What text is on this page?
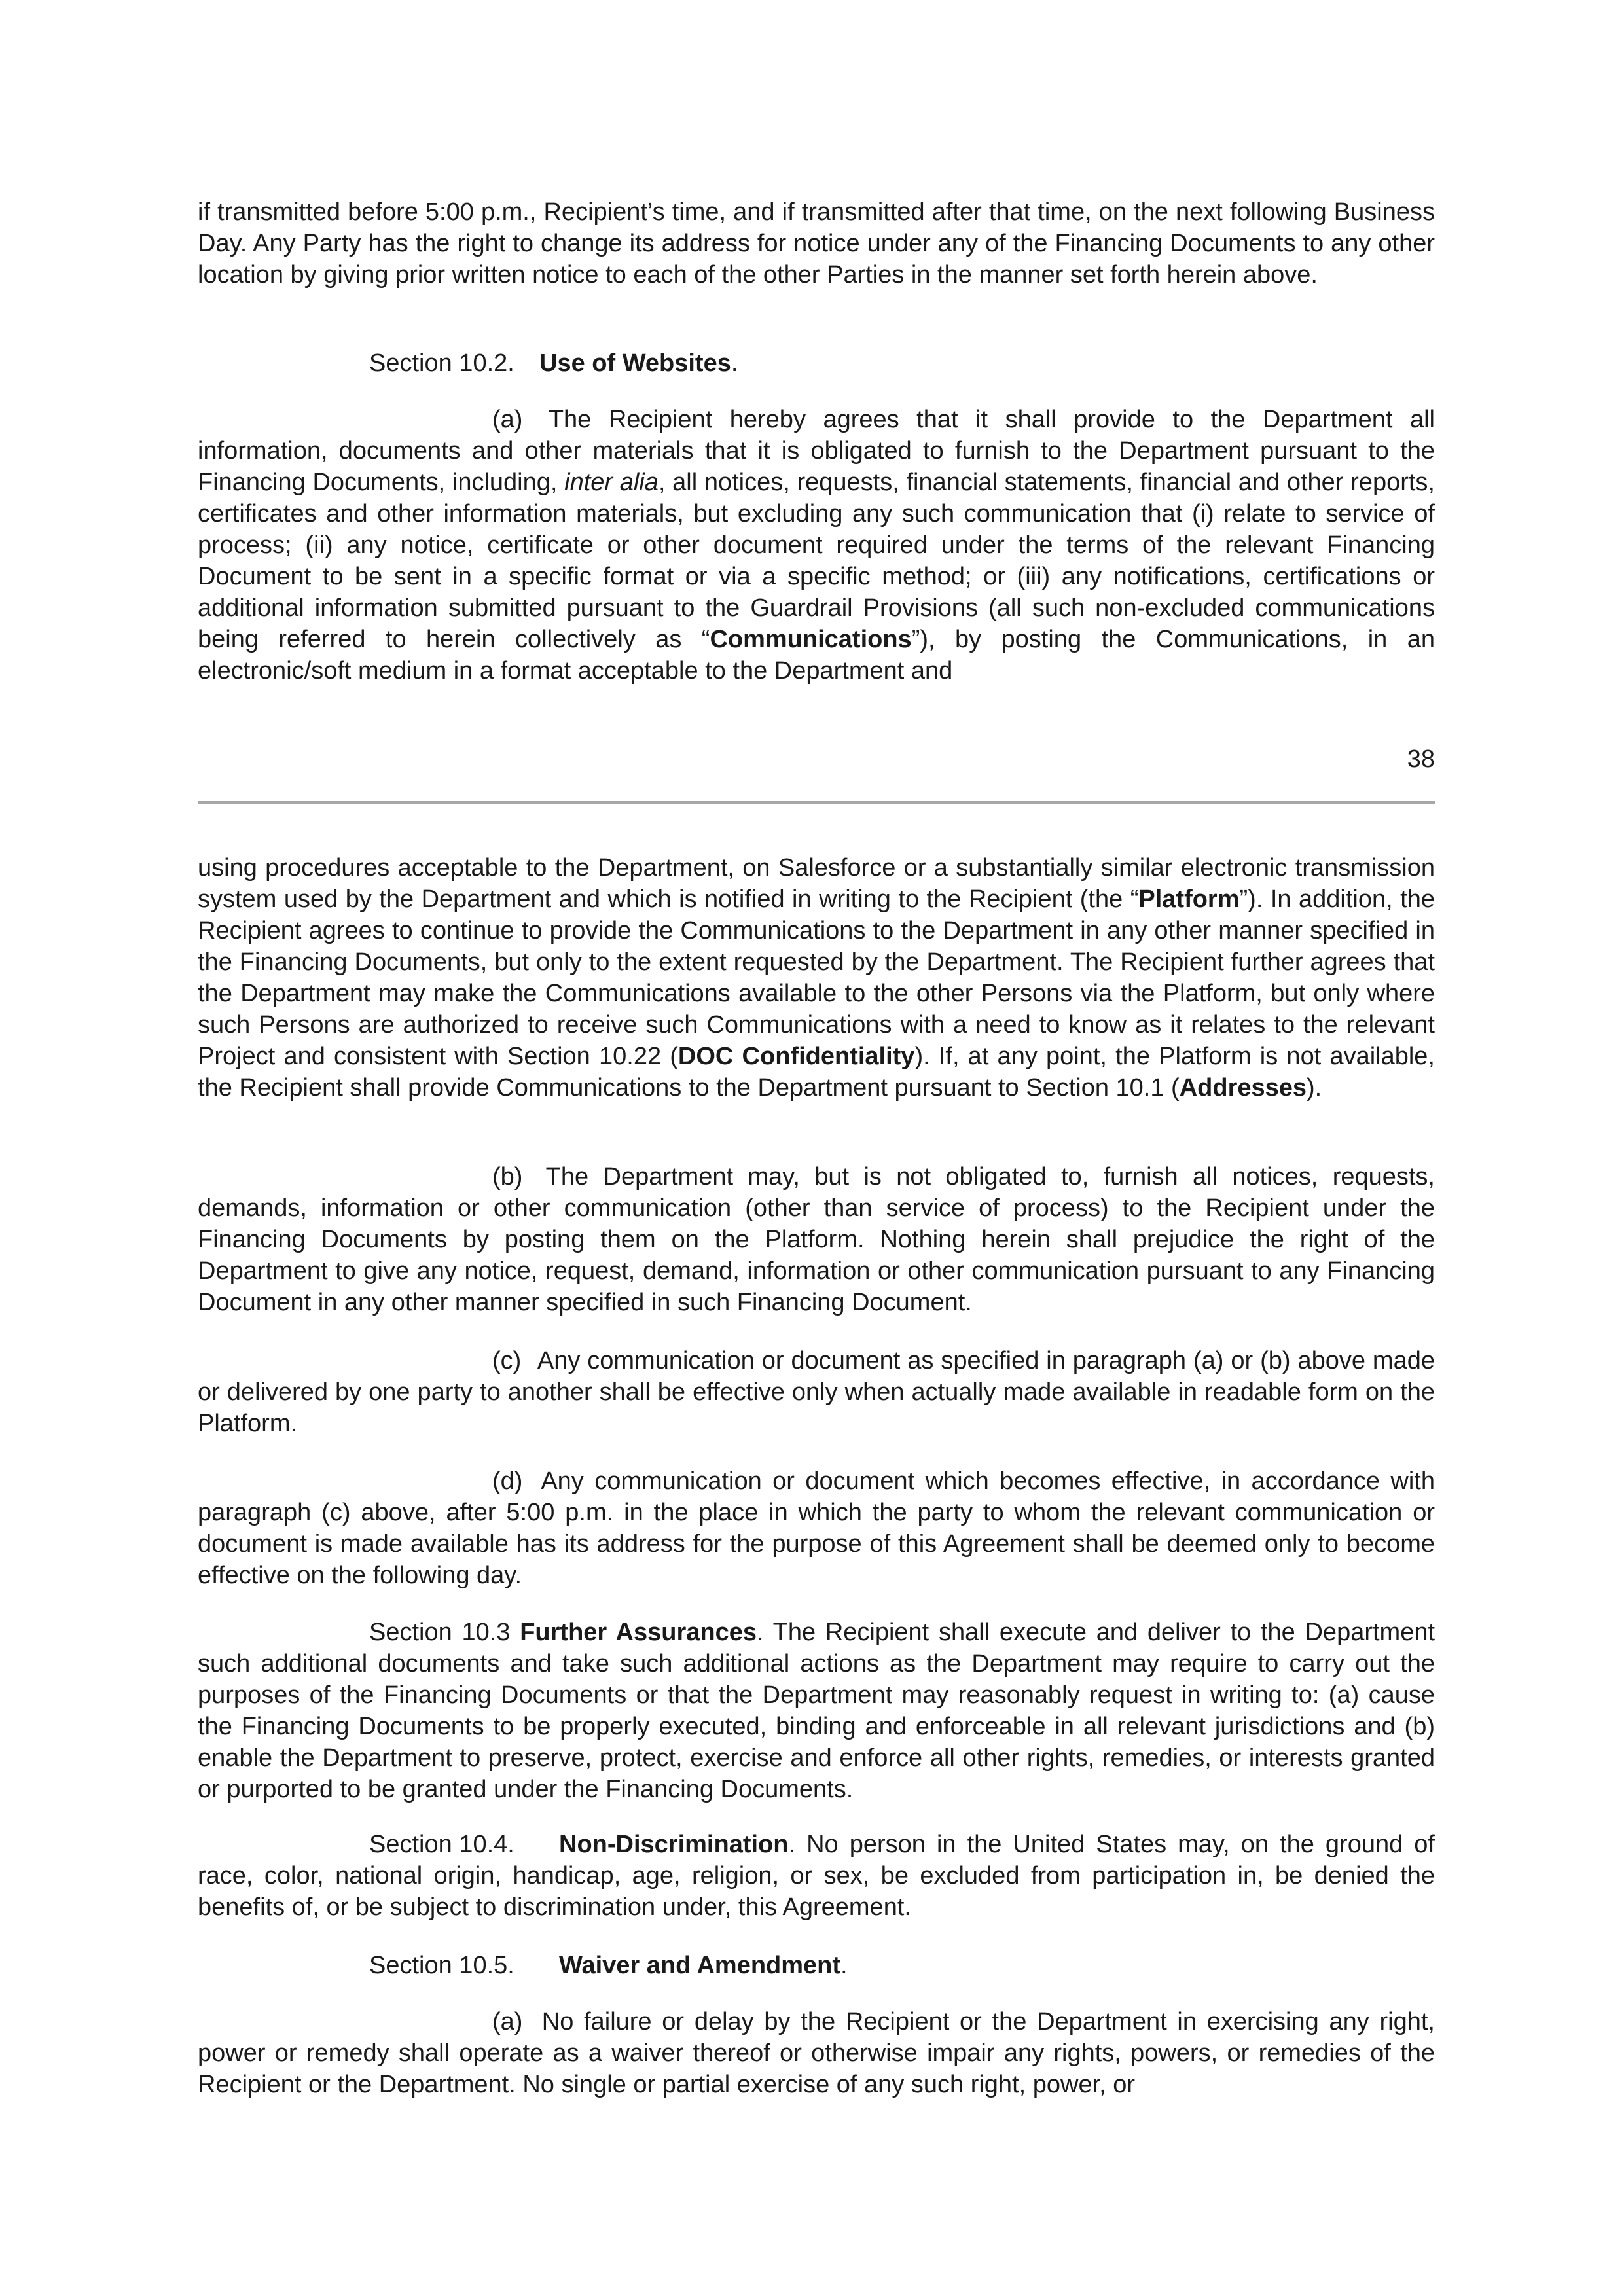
if transmitted before 5:00 p.m., Recipient’s time, and if transmitted after that time, on the next following Business Day. Any Party has the right to change its address for notice under any of the Financing Documents to any other location by giving prior written notice to each of the other Parties in the manner set forth herein above.

Section 10.2. Use of Websites.

(a) The Recipient hereby agrees that it shall provide to the Department all information, documents and other materials that it is obligated to furnish to the Department pursuant to the Financing Documents, including, inter alia, all notices, requests, financial statements, financial and other reports, certificates and other information materials, but excluding any such communication that (i) relate to service of process; (ii) any notice, certificate or other document required under the terms of the relevant Financing Document to be sent in a specific format or via a specific method; or (iii) any notifications, certifications or additional information submitted pursuant to the Guardrail Provisions (all such non-excluded communications being referred to herein collectively as “Communications”), by posting the Communications, in an electronic/soft medium in a format acceptable to the Department and

38

using procedures acceptable to the Department, on Salesforce or a substantially similar electronic transmission system used by the Department and which is notified in writing to the Recipient (the “Platform”). In addition, the Recipient agrees to continue to provide the Communications to the Department in any other manner specified in the Financing Documents, but only to the extent requested by the Department. The Recipient further agrees that the Department may make the Communications available to the other Persons via the Platform, but only where such Persons are authorized to receive such Communications with a need to know as it relates to the relevant Project and consistent with Section 10.22 (DOC Confidentiality). If, at any point, the Platform is not available, the Recipient shall provide Communications to the Department pursuant to Section 10.1 (Addresses).

(b) The Department may, but is not obligated to, furnish all notices, requests, demands, information or other communication (other than service of process) to the Recipient under the Financing Documents by posting them on the Platform. Nothing herein shall prejudice the right of the Department to give any notice, request, demand, information or other communication pursuant to any Financing Document in any other manner specified in such Financing Document.

(c) Any communication or document as specified in paragraph (a) or (b) above made or delivered by one party to another shall be effective only when actually made available in readable form on the Platform.

(d) Any communication or document which becomes effective, in accordance with paragraph (c) above, after 5:00 p.m. in the place in which the party to whom the relevant communication or document is made available has its address for the purpose of this Agreement shall be deemed only to become effective on the following day.

Section 10.3 Further Assurances. The Recipient shall execute and deliver to the Department such additional documents and take such additional actions as the Department may require to carry out the purposes of the Financing Documents or that the Department may reasonably request in writing to: (a) cause the Financing Documents to be properly executed, binding and enforceable in all relevant jurisdictions and (b) enable the Department to preserve, protect, exercise and enforce all other rights, remedies, or interests granted or purported to be granted under the Financing Documents.

Section 10.4. Non-Discrimination. No person in the United States may, on the ground of race, color, national origin, handicap, age, religion, or sex, be excluded from participation in, be denied the benefits of, or be subject to discrimination under, this Agreement.

Section 10.5. Waiver and Amendment.

(a) No failure or delay by the Recipient or the Department in exercising any right, power or remedy shall operate as a waiver thereof or otherwise impair any rights, powers, or remedies of the Recipient or the Department. No single or partial exercise of any such right, power, or
